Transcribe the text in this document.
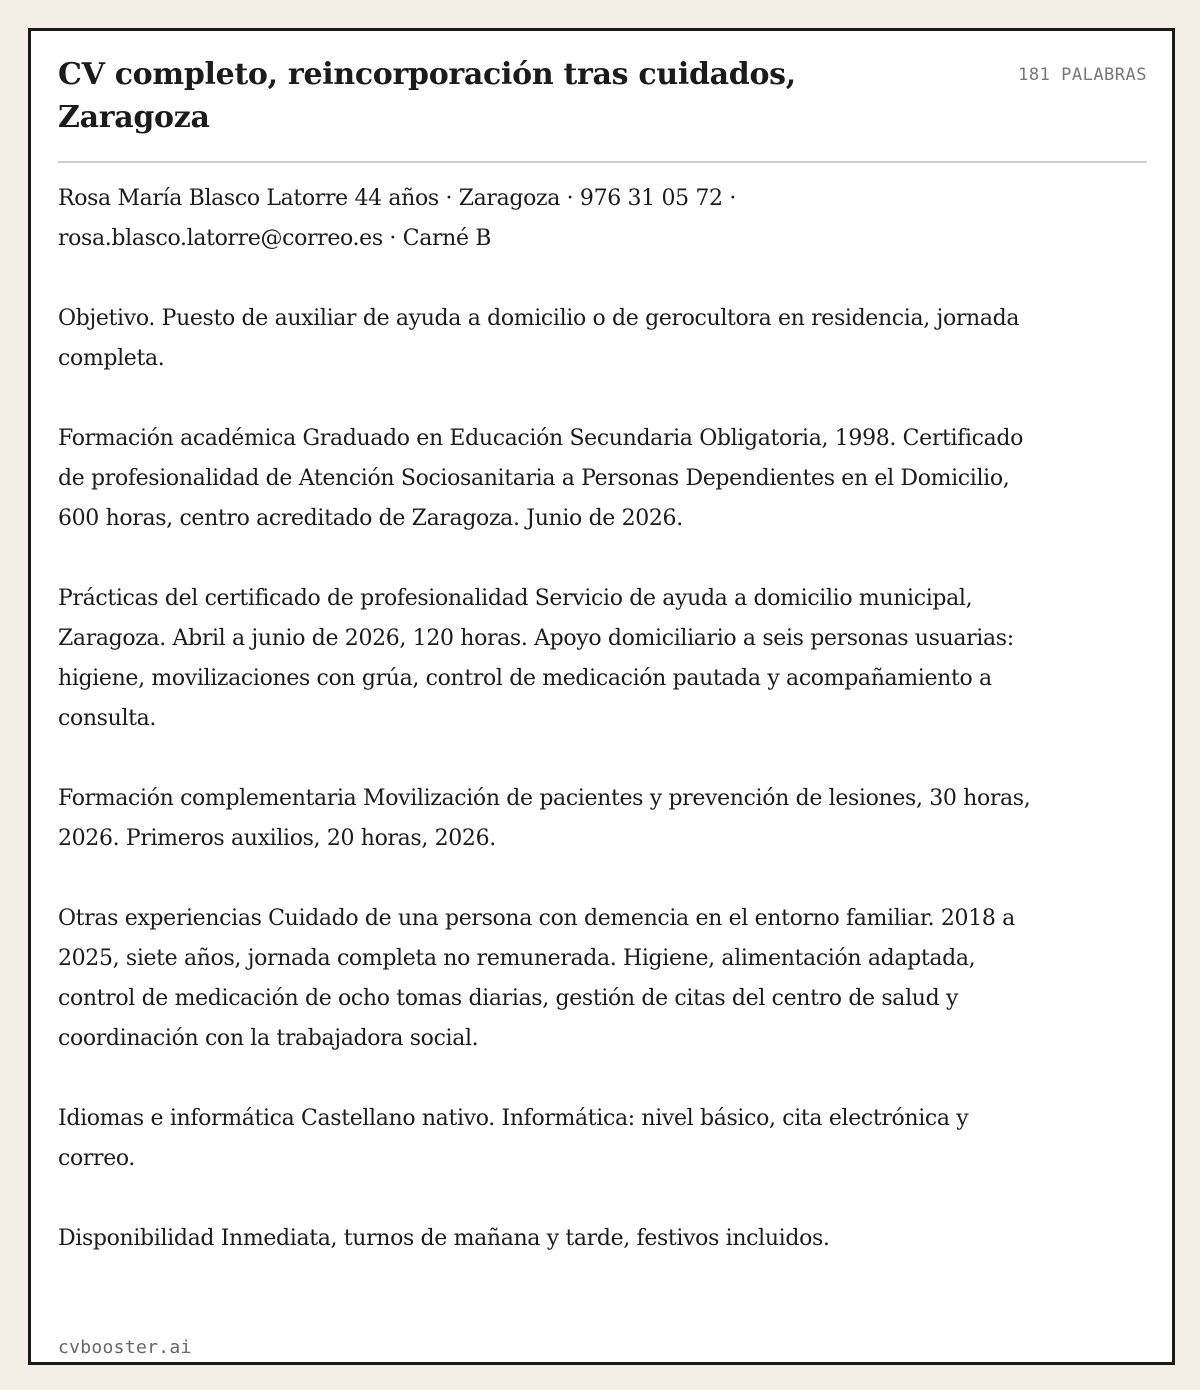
CV completo, reincorporación tras cuidados, Zaragoza
181 PALABRAS

Rosa María Blasco Latorre 44 años · Zaragoza · 976 31 05 72 · rosa.blasco.latorre@correo.es · Carné B

Objetivo. Puesto de auxiliar de ayuda a domicilio o de gerocultora en residencia, jornada completa.

Formación académica Graduado en Educación Secundaria Obligatoria, 1998. Certificado de profesionalidad de Atención Sociosanitaria a Personas Dependientes en el Domicilio, 600 horas, centro acreditado de Zaragoza. Junio de 2026.

Prácticas del certificado de profesionalidad Servicio de ayuda a domicilio municipal, Zaragoza. Abril a junio de 2026, 120 horas. Apoyo domiciliario a seis personas usuarias: higiene, movilizaciones con grúa, control de medicación pautada y acompañamiento a consulta.

Formación complementaria Movilización de pacientes y prevención de lesiones, 30 horas, 2026. Primeros auxilios, 20 horas, 2026.

Otras experiencias Cuidado de una persona con demencia en el entorno familiar. 2018 a 2025, siete años, jornada completa no remunerada. Higiene, alimentación adaptada, control de medicación de ocho tomas diarias, gestión de citas del centro de salud y coordinación con la trabajadora social.

Idiomas e informática Castellano nativo. Informática: nivel básico, cita electrónica y correo.

Disponibilidad Inmediata, turnos de mañana y tarde, festivos incluidos.

cvbooster.ai
